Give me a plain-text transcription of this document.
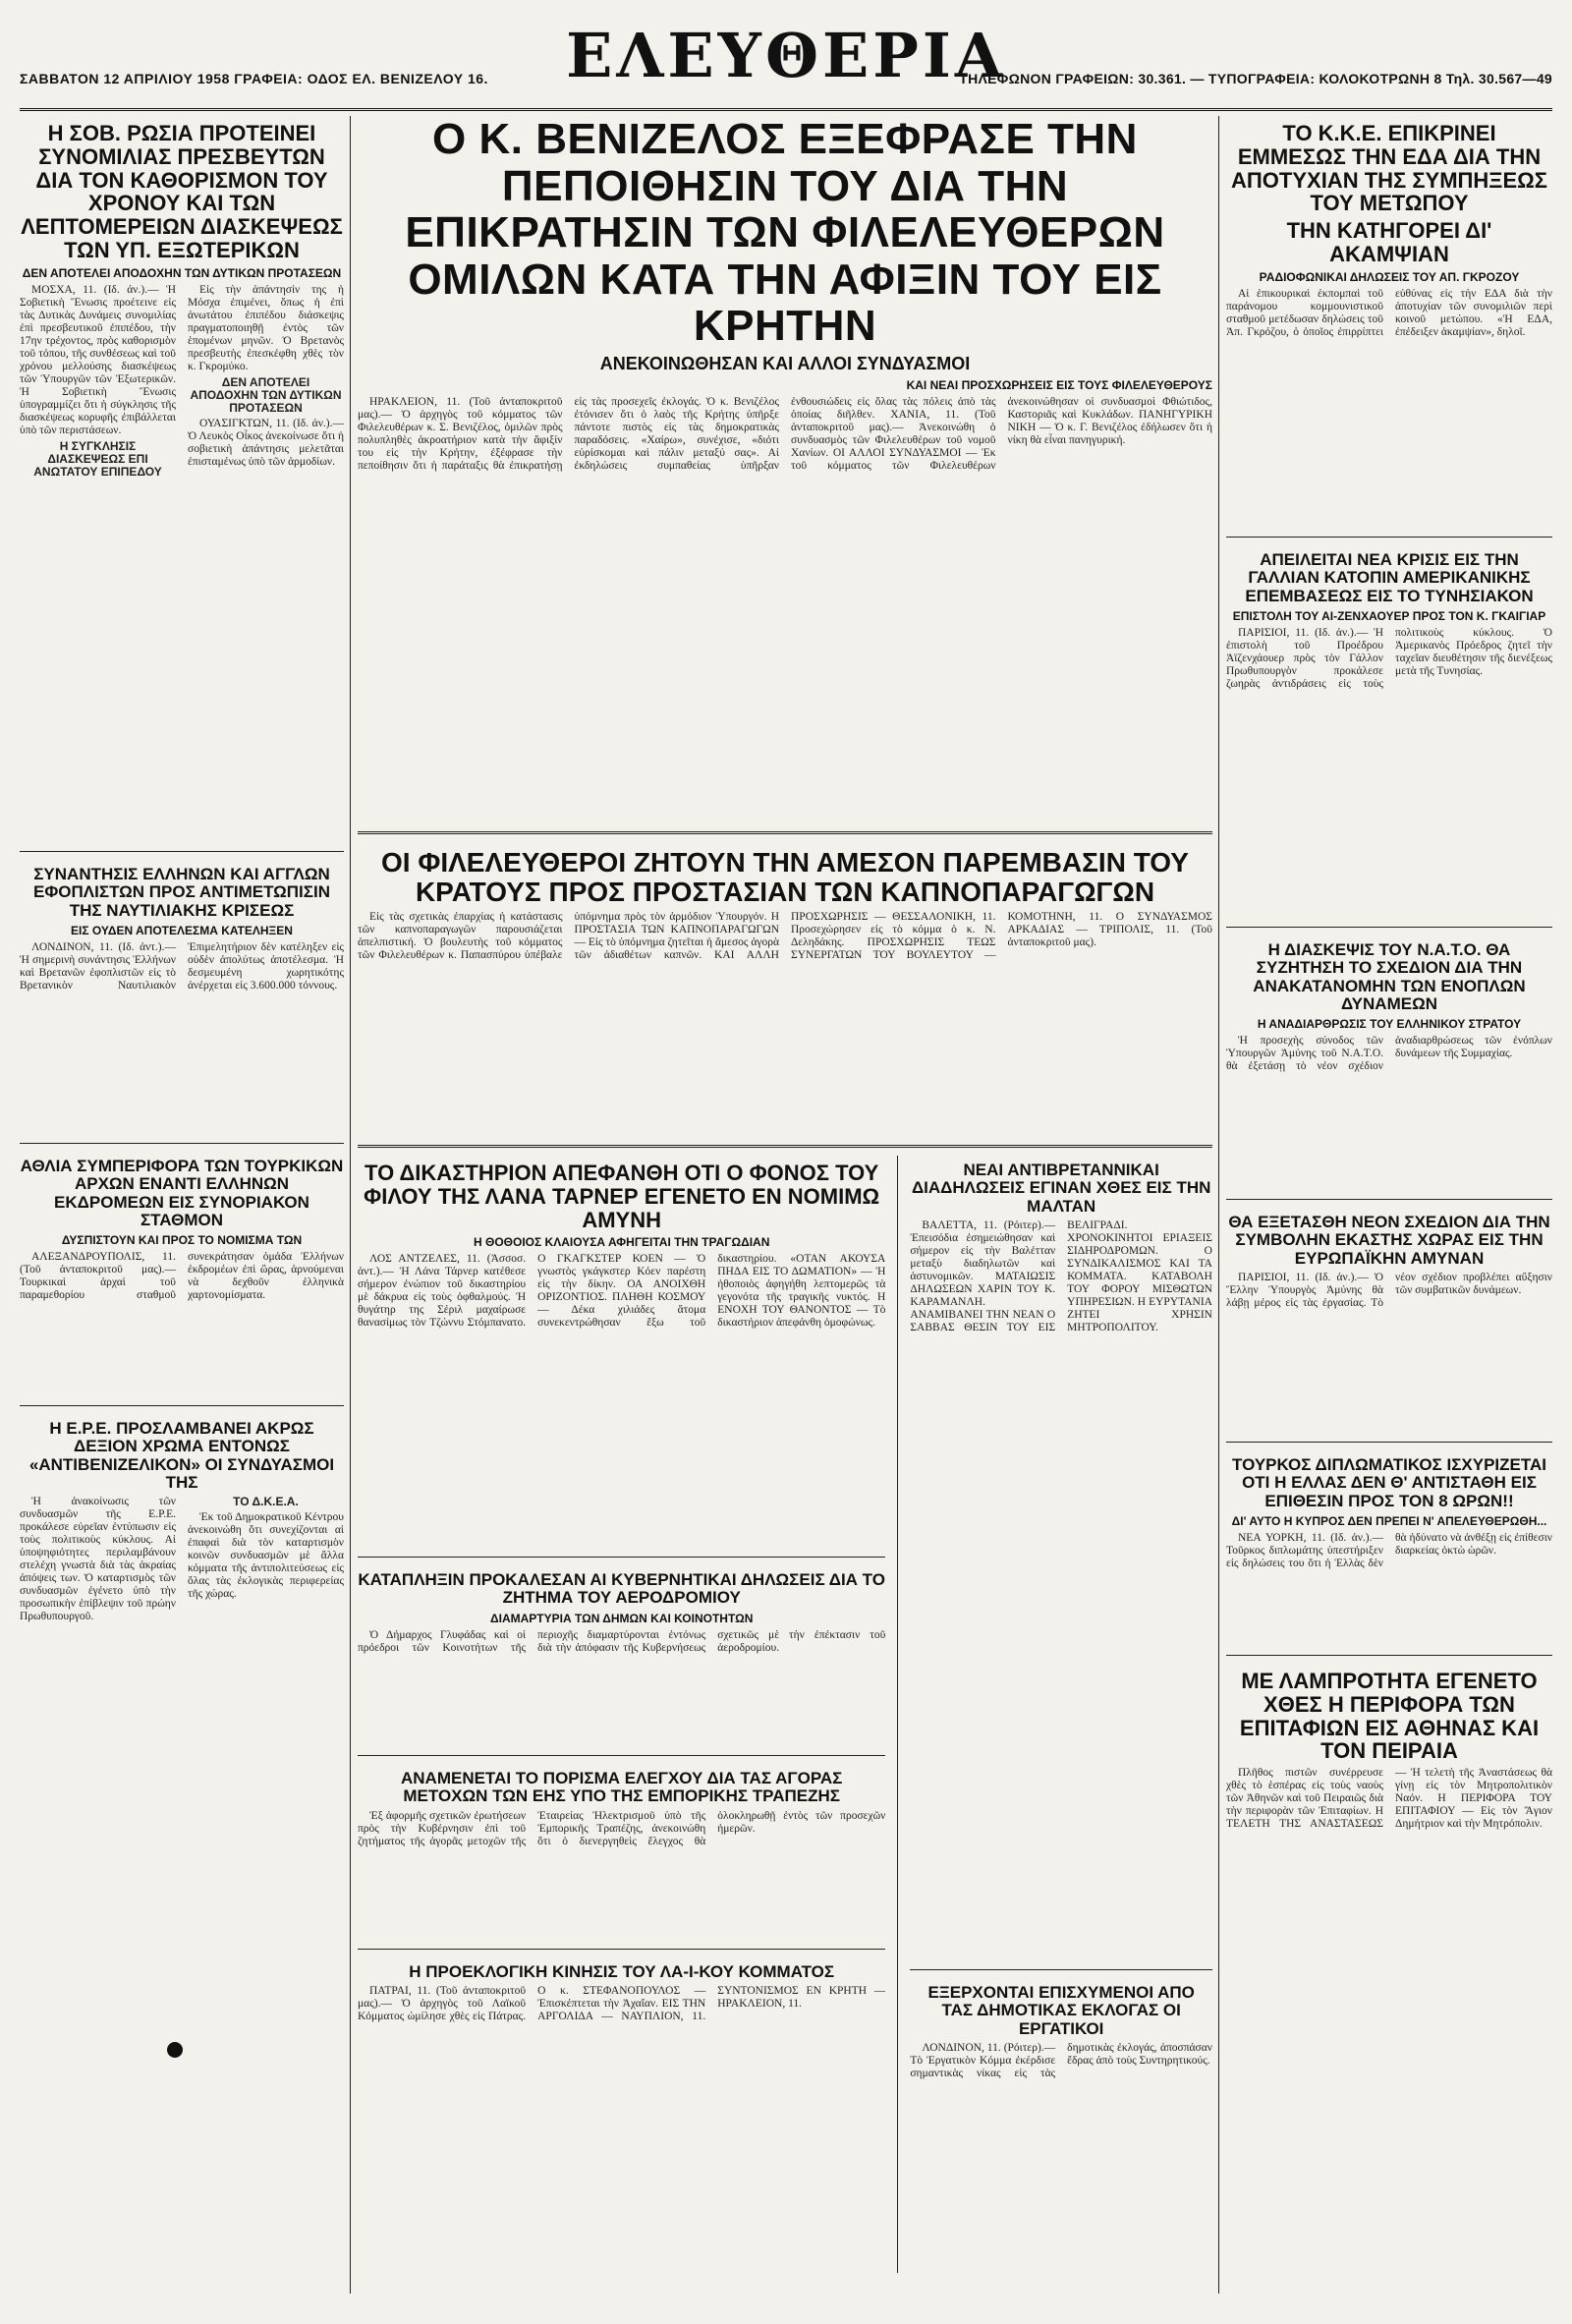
ΣΑΒΒΑΤΟΝ 12 ΑΠΡΙΛΙΟΥ 1958 ΓΡΑΦΕΙΑ: ΟΔΟΣ ΕΛ. ΒΕΝΙΖΕΛΟΥ 16.	ΕΛΕΥΘΕΡΙΑ
ΤΗΛΕΦΩΝΟΝ ΓΡΑΦΕΙΩΝ: 30.361. — ΤΥΠΟΓΡΑΦΕΙΑ: ΚΟΛΟΚΟΤΡΩΝΗ 8 Τηλ. 30.567—49
Η ΣΟΒ. ΡΩΣΙΑ ΠΡΟΤΕΙΝΕΙ ΣΥΝΟΜΙΛΙΑΣ ΠΡΕΣΒΕΥΤΩΝ ΔΙΑ ΤΟΝ ΚΑΘΟΡΙΣΜΟΝ ΤΟΥ ΧΡΟΝΟΥ ΚΑΙ ΤΩΝ ΛΕΠΤΟΜΕΡΕΙΩΝ ΔΙΑΣΚΕΨΕΩΣ ΤΩΝ ΥΠ. ΕΞΩΤΕΡΙΚΩΝ
ΔΕΝ ΑΠΟΤΕΛΕΙ ΑΠΟΔΟΧΗΝ ΤΩΝ ΔΥΤΙΚΩΝ ΠΡΟΤΑΣΕΩΝ

ΜΟΣΧΑ, 11. (Ιδ. άν.).— Ἡ Σοβιετικὴ Ἕνωσις προέτεινε εἰς τὰς Δυτικὰς Δυνάμεις συνομιλίας ἐπὶ πρεσβευτικοῦ ἐπιπέδου, τὴν 17ην τρέχοντος, πρὸς καθορισμὸν τοῦ τόπου, τῆς συνθέσεως καὶ τοῦ χρόνου μελλούσης διασκέψεως τῶν Ὑπουργῶν τῶν Ἐξωτερικῶν. Ἡ Σοβιετικὴ Ἕνωσις ὑπογραμμίζει ὅτι ἡ σύγκλησις τῆς διασκέψεως κορυφῆς ἐπιβάλλεται ὑπὸ τῶν περιστάσεων.

Η ΣΥΓΚΛΗΣΙΣ ΔΙΑΣΚΕΨΕΩΣ ΕΠΙ ΑΝΩΤΑΤΟΥ ΕΠΙΠΕΔΟΥ

Εἰς τὴν ἀπάντησίν της ἡ Μόσχα ἐπιμένει, ὅπως ἡ ἐπὶ ἀνωτάτου ἐπιπέδου διάσκεψις πραγματοποιηθῇ ἐντὸς τῶν ἑπομένων μηνῶν. Ὁ Βρετανὸς πρεσβευτὴς ἐπεσκέφθη χθὲς τὸν κ. Γκρομύκο.

ΔΕΝ ΑΠΟΤΕΛΕΙ ΑΠΟΔΟΧΗΝ ΤΩΝ ΔΥΤΙΚΩΝ ΠΡΟΤΑΣΕΩΝ

ΟΥΑΣΙΓΚΤΩΝ, 11. (Ιδ. άν.).— Ὁ Λευκὸς Οἶκος ἀνεκοίνωσε ὅτι ἡ σοβιετικὴ ἀπάντησις μελετᾶται ἐπισταμένως ὑπὸ τῶν ἁρμοδίων.

ΣΥΝΑΝΤΗΣΙΣ ΕΛΛΗΝΩΝ ΚΑΙ ΑΓΓΛΩΝ ΕΦΟΠΛΙΣΤΩΝ ΠΡΟΣ ΑΝΤΙΜΕΤΩΠΙΣΙΝ ΤΗΣ ΝΑΥΤΙΛΙΑΚΗΣ ΚΡΙΣΕΩΣ
ΕΙΣ ΟΥΔΕΝ ΑΠΟΤΕΛΕΣΜΑ ΚΑΤΕΛΗΞΕΝ

ΛΟΝΔΙΝΟΝ, 11. (Ιδ. ἀντ.).— Ἡ σημερινὴ συνάντησις Ἑλλήνων καὶ Βρετανῶν ἐφοπλιστῶν εἰς τὸ Βρετανικὸν Ναυτιλιακὸν Ἐπιμελητήριον δὲν κατέληξεν εἰς οὐδὲν ἀπολύτως ἀποτέλεσμα. Ἡ δεσμευμένη χωρητικότης ἀνέρχεται εἰς 3.600.000 τόννους.

ΑΘΛΙΑ ΣΥΜΠΕΡΙΦΟΡΑ ΤΩΝ ΤΟΥΡΚΙΚΩΝ ΑΡΧΩΝ ΕΝΑΝΤΙ ΕΛΛΗΝΩΝ ΕΚΔΡΟΜΕΩΝ ΕΙΣ ΣΥΝΟΡΙΑΚΟΝ ΣΤΑΘΜΟΝ
ΔΥΣΠΙΣΤΟΥΝ ΚΑΙ ΠΡΟΣ ΤΟ ΝΟΜΙΣΜΑ ΤΩΝ

ΑΛΕΞΑΝΔΡΟΥΠΟΛΙΣ, 11. (Τοῦ ἀνταποκριτοῦ μας).— Τουρκικαὶ ἀρχαὶ τοῦ παραμεθορίου σταθμοῦ συνεκράτησαν ὁμάδα Ἑλλήνων ἐκδρομέων ἐπὶ ὥρας, ἀρνούμεναι νὰ δεχθοῦν ἑλληνικὰ χαρτονομίσματα.

Η Ε.Ρ.Ε. ΠΡΟΣΛΑΜΒΑΝΕΙ ΑΚΡΩΣ ΔΕΞΙΟΝ ΧΡΩΜΑ ΕΝΤΟΝΩΣ «ΑΝΤΙΒΕΝΙΖΕΛΙΚΟΝ» ΟΙ ΣΥΝΔΥΑΣΜΟΙ ΤΗΣ

Ἡ ἀνακοίνωσις τῶν συνδυασμῶν τῆς Ε.Ρ.Ε. προκάλεσε εὐρεῖαν ἐντύπωσιν εἰς τοὺς πολιτικοὺς κύκλους. Αἱ ὑποψηφιότητες περιλαμβάνουν στελέχη γνωστὰ διὰ τὰς ἀκραίας ἀπόψεις των. Ὁ καταρτισμὸς τῶν συνδυασμῶν ἐγένετο ὑπὸ τὴν προσωπικὴν ἐπίβλεψιν τοῦ πρώην Πρωθυπουργοῦ.

ΤΟ Δ.Κ.Ε.Α.

Ἐκ τοῦ Δημοκρατικοῦ Κέντρου ἀνεκοινώθη ὅτι συνεχίζονται αἱ ἐπαφαὶ διὰ τὸν καταρτισμὸν κοινῶν συνδυασμῶν μὲ ἄλλα κόμματα τῆς ἀντιπολιτεύσεως εἰς ὅλας τὰς ἐκλογικὰς περιφερείας τῆς χώρας.

Ο Κ. ΒΕΝΙΖΕΛΟΣ ΕΞΕΦΡΑΣΕ ΤΗΝ ΠΕΠΟΙΘΗΣΙΝ ΤΟΥ ΔΙΑ ΤΗΝ ΕΠΙΚΡΑΤΗΣΙΝ ΤΩΝ ΦΙΛΕΛΕΥΘΕΡΩΝ ΟΜΙΛΩΝ ΚΑΤΑ ΤΗΝ ΑΦΙΞΙΝ ΤΟΥ ΕΙΣ ΚΡΗΤΗΝ
ΑΝΕΚΟΙΝΩΘΗΣΑΝ ΚΑΙ ΑΛΛΟΙ ΣΥΝΔΥΑΣΜΟΙ
ΚΑΙ ΝΕΑΙ ΠΡΟΣΧΩΡΗΣΕΙΣ ΕΙΣ ΤΟΥΣ ΦΙΛΕΛΕΥΘΕΡΟΥΣ

ΗΡΑΚΛΕΙΟΝ, 11. (Τοῦ ἀνταποκριτοῦ μας).— Ὁ ἀρχηγὸς τοῦ κόμματος τῶν Φιλελευθέρων κ. Σ. Βενιζέλος, ὁμιλῶν πρὸς πολυπληθὲς ἀκροατήριον κατὰ τὴν ἄφιξίν του εἰς τὴν Κρήτην, ἐξέφρασε τὴν πεποίθησιν ὅτι ἡ παράταξις θὰ ἐπικρατήσῃ εἰς τὰς προσεχεῖς ἐκλογάς. Ὁ κ. Βενιζέλος ἐτόνισεν ὅτι ὁ λαὸς τῆς Κρήτης ὑπῆρξε πάντοτε πιστὸς εἰς τὰς δημοκρατικὰς παραδόσεις. «Χαίρω», συνέχισε, «διότι εὑρίσκομαι καὶ πάλιν μεταξύ σας». Αἱ ἐκδηλώσεις συμπαθείας ὑπῆρξαν ἐνθουσιώδεις εἰς ὅλας τὰς πόλεις ἀπὸ τὰς ὁποίας διῆλθεν. ΧΑΝΙΑ, 11. (Τοῦ ἀνταποκριτοῦ μας).— Ἀνεκοινώθη ὁ συνδυασμὸς τῶν Φιλελευθέρων τοῦ νομοῦ Χανίων. ΟΙ ΑΛΛΟΙ ΣΥΝΔΥΑΣΜΟΙ — Ἐκ τοῦ κόμματος τῶν Φιλελευθέρων ἀνεκοινώθησαν οἱ συνδυασμοὶ Φθιώτιδος, Καστοριᾶς καὶ Κυκλάδων. ΠΑΝΗΓΥΡΙΚΗ ΝΙΚΗ — Ὁ κ. Γ. Βενιζέλος ἐδήλωσεν ὅτι ἡ νίκη θὰ εἶναι πανηγυρική.

ΟΙ ΦΙΛΕΛΕΥΘΕΡΟΙ ΖΗΤΟΥΝ ΤΗΝ ΑΜΕΣΟΝ ΠΑΡΕΜΒΑΣΙΝ ΤΟΥ ΚΡΑΤΟΥΣ ΠΡΟΣ ΠΡΟΣΤΑΣΙΑΝ ΤΩΝ ΚΑΠΝΟΠΑΡΑΓΩΓΩΝ

Εἰς τὰς σχετικὰς ἐπαρχίας ἡ κατάστασις τῶν καπνοπαραγωγῶν παρουσιάζεται ἀπελπιστική. Ὁ βουλευτὴς τοῦ κόμματος τῶν Φιλελευθέρων κ. Παπασπύρου ὑπέβαλε ὑπόμνημα πρὸς τὸν ἁρμόδιον Ὑπουργόν. Η ΠΡΟΣΤΑΣΙΑ ΤΩΝ ΚΑΠΝΟΠΑΡΑΓΩΓΩΝ — Εἰς τὸ ὑπόμνημα ζητεῖται ἡ ἄμεσος ἀγορὰ τῶν ἀδιαθέτων καπνῶν. ΚΑΙ ΑΛΛΗ ΠΡΟΣΧΩΡΗΣΙΣ — ΘΕΣΣΑΛΟΝΙΚΗ, 11. Προσεχώρησεν εἰς τὸ κόμμα ὁ κ. Ν. Δεληδάκης. ΠΡΟΣΧΩΡΗΣΙΣ ΤΕΩΣ ΣΥΝΕΡΓΑΤΩΝ ΤΟΥ ΒΟΥΛΕΥΤΟΥ — ΚΟΜΟΤΗΝΗ, 11. Ο ΣΥΝΔΥΑΣΜΟΣ ΑΡΚΑΔΙΑΣ — ΤΡΙΠΟΛΙΣ, 11. (Τοῦ ἀνταποκριτοῦ μας).

ΤΟ ΔΙΚΑΣΤΗΡΙΟΝ ΑΠΕΦΑΝΘΗ ΟΤΙ Ο ΦΟΝΟΣ ΤΟΥ ΦΙΛΟΥ ΤΗΣ ΛΑΝΑ ΤΑΡΝΕΡ ΕΓΕΝΕΤΟ ΕΝ ΝΟΜΙΜΩ ΑΜΥΝΗ
Η ΘΟΘΟΙΟΣ ΚΛΑΙΟΥΣΑ ΑΦΗΓΕΙΤΑΙ ΤΗΝ ΤΡΑΓΩΔΙΑΝ

ΛΟΣ ΑΝΤΖΕΛΕΣ, 11. (Ἀσσοσ. ἀντ.).— Ἡ Λάνα Τάρνερ κατέθεσε σήμερον ἐνώπιον τοῦ δικαστηρίου μὲ δάκρυα εἰς τοὺς ὀφθαλμούς. Ἡ θυγάτηρ της Σέριλ μαχαίρωσε θανασίμως τὸν Τζώννυ Στόμπανατο. Ο ΓΚΑΓΚΣΤΕΡ ΚΟΕΝ — Ὁ γνωστὸς γκάγκστερ Κόεν παρέστη εἰς τὴν δίκην. ΟΑ ΑΝΟΙΧΘΗ ΟΡΙΖΟΝΤΙΟΣ. ΠΛΗΘΗ ΚΟΣΜΟΥ — Δέκα χιλιάδες ἄτομα συνεκεντρώθησαν ἔξω τοῦ δικαστηρίου. «ΟΤΑΝ ΑΚΟΥΣΑ ΠΗΔΑ ΕΙΣ ΤΟ ΔΩΜΑΤΙΟΝ» — Ἡ ἠθοποιὸς ἀφηγήθη λεπτομερῶς τὰ γεγονότα τῆς τραγικῆς νυκτός. Η ΕΝΟΧΗ ΤΟΥ ΘΑΝΟΝΤΟΣ — Τὸ δικαστήριον ἀπεφάνθη ὁμοφώνως.

ΚΑΤΑΠΛΗΞΙΝ ΠΡΟΚΑΛΕΣΑΝ ΑΙ ΚΥΒΕΡΝΗΤΙΚΑΙ ΔΗΛΩΣΕΙΣ ΔΙΑ ΤΟ ΖΗΤΗΜΑ ΤΟΥ ΑΕΡΟΔΡΟΜΙΟΥ
ΔΙΑΜΑΡΤΥΡΙΑ ΤΩΝ ΔΗΜΩΝ ΚΑΙ ΚΟΙΝΟΤΗΤΩΝ

Ὁ Δήμαρχος Γλυφάδας καὶ οἱ πρόεδροι τῶν Κοινοτήτων τῆς περιοχῆς διαμαρτύρονται ἐντόνως διὰ τὴν ἀπόφασιν τῆς Κυβερνήσεως σχετικῶς μὲ τὴν ἐπέκτασιν τοῦ ἀεροδρομίου.

ΑΝΑΜΕΝΕΤΑΙ ΤΟ ΠΟΡΙΣΜΑ ΕΛΕΓΧΟΥ ΔΙΑ ΤΑΣ ΑΓΟΡΑΣ ΜΕΤΟΧΩΝ ΤΩΝ ΕΗΣ ΥΠΟ ΤΗΣ ΕΜΠΟΡΙΚΗΣ ΤΡΑΠΕΖΗΣ

Ἐξ ἀφορμῆς σχετικῶν ἐρωτήσεων πρὸς τὴν Κυβέρνησιν ἐπὶ τοῦ ζητήματος τῆς ἀγορᾶς μετοχῶν τῆς Ἐταιρείας Ἠλεκτρισμοῦ ὑπὸ τῆς Ἐμπορικῆς Τραπέζης, ἀνεκοινώθη ὅτι ὁ διενεργηθεὶς ἔλεγχος θὰ ὁλοκληρωθῇ ἐντὸς τῶν προσεχῶν ἡμερῶν.

Η ΠΡΟΕΚΛΟΓΙΚΗ ΚΙΝΗΣΙΣ ΤΟΥ ΛΑ-Ι-ΚΟΥ ΚΟΜΜΑΤΟΣ

ΠΑΤΡΑΙ, 11. (Τοῦ ἀνταποκριτοῦ μας).— Ὁ ἀρχηγὸς τοῦ Λαϊκοῦ Κόμματος ὡμίλησε χθὲς εἰς Πάτρας. Ο κ. ΣΤΕΦΑΝΟΠΟΥΛΟΣ — Ἐπισκέπτεται τὴν Ἀχαΐαν. ΕΙΣ ΤΗΝ ΑΡΓΟΛΙΔΑ — ΝΑΥΠΛΙΟΝ, 11. ΣΥΝΤΟΝΙΣΜΟΣ ΕΝ ΚΡΗΤΗ — ΗΡΑΚΛΕΙΟΝ, 11.

ΝΕΑΙ ΑΝΤΙΒΡΕΤΑΝΝΙΚΑΙ ΔΙΑΔΗΛΩΣΕΙΣ ΕΓΙΝΑΝ ΧΘΕΣ ΕΙΣ ΤΗΝ ΜΑΛΤΑΝ

ΒΑΛΕΤΤΑ, 11. (Ρόιτερ).— Ἐπεισόδια ἐσημειώθησαν καὶ σήμερον εἰς τὴν Βαλέτταν μεταξὺ διαδηλωτῶν καὶ ἀστυνομικῶν. ΜΑΤΑΙΩΣΙΣ ΔΗΛΩΣΕΩΝ ΧΑΡΙΝ ΤΟΥ Κ. ΚΑΡΑΜΑΝΛΗ. ΑΝΑΜΙΒΑΝΕΙ ΤΗΝ ΝΕΑΝ Ο ΣΑΒΒΑΣ ΘΕΣΙΝ ΤΟΥ ΕΙΣ ΒΕΛΙΓΡΑΔΙ. ΧΡΟΝΟΚΙΝΗΤΟΙ ΕΡΙΑΞΕΙΣ ΣΙΔΗΡΟΔΡΟΜΩΝ. Ο ΣΥΝΔΙΚΑΛΙΣΜΟΣ ΚΑΙ ΤΑ ΚΟΜΜΑΤΑ. ΚΑΤΑΒΟΛΗ ΤΟΥ ΦΟΡΟΥ ΜΙΣΘΩΤΩΝ ΥΠΗΡΕΣΙΩΝ. Η ΕΥΡΥΤΑΝΙΑ ΖΗΤΕΙ ΧΡΗΣΙΝ ΜΗΤΡΟΠΟΛΙΤΟΥ.

ΕΞΕΡΧΟΝΤΑΙ ΕΠΙΣΧΥΜΕΝΟΙ ΑΠΟ ΤΑΣ ΔΗΜΟΤΙΚΑΣ ΕΚΛΟΓΑΣ ΟΙ ΕΡΓΑΤΙΚΟΙ

ΛΟΝΔΙΝΟΝ, 11. (Ρόιτερ).— Τὸ Ἐργατικὸν Κόμμα ἐκέρδισε σημαντικὰς νίκας εἰς τὰς δημοτικὰς ἐκλογάς, ἀποσπάσαν ἕδρας ἀπὸ τοὺς Συντηρητικούς.

ΤΟ Κ.Κ.Ε. ΕΠΙΚΡΙΝΕΙ ΕΜΜΕΣΩΣ ΤΗΝ ΕΔΑ ΔΙΑ ΤΗΝ ΑΠΟΤΥΧΙΑΝ ΤΗΣ ΣΥΜΠΗΞΕΩΣ ΤΟΥ ΜΕΤΩΠΟΥ
ΤΗΝ ΚΑΤΗΓΟΡΕΙ ΔΙ' ΑΚΑΜΨΙΑΝ
ΡΑΔΙΟΦΩΝΙΚΑΙ ΔΗΛΩΣΕΙΣ ΤΟΥ ΑΠ. ΓΚΡΟΖΟΥ

Αἱ ἐπικουρικαὶ ἐκπομπαὶ τοῦ παράνομου κομμουνιστικοῦ σταθμοῦ μετέδωσαν δηλώσεις τοῦ Ἀπ. Γκρόζου, ὁ ὁποῖος ἐπιρρίπτει εὐθύνας εἰς τὴν ΕΔΑ διὰ τὴν ἀποτυχίαν τῶν συνομιλιῶν περὶ κοινοῦ μετώπου. «Ἡ ΕΔΑ, ἐπέδειξεν ἀκαμψίαν», δηλοῖ.

ΑΠΕΙΛΕΙΤΑΙ ΝΕΑ ΚΡΙΣΙΣ ΕΙΣ ΤΗΝ ΓΑΛΛΙΑΝ ΚΑΤΟΠΙΝ ΑΜΕΡΙΚΑΝΙΚΗΣ ΕΠΕΜΒΑΣΕΩΣ ΕΙΣ ΤΟ ΤΥΝΗΣΙΑΚΟΝ
ΕΠΙΣΤΟΛΗ ΤΟΥ ΑΙ-ΖΕΝΧΑΟΥΕΡ ΠΡΟΣ ΤΟΝ Κ. ΓΚΑΙΓΙΑΡ

ΠΑΡΙΣΙΟΙ, 11. (Ιδ. ἀν.).— Ἡ ἐπιστολὴ τοῦ Προέδρου Ἀϊζενχάουερ πρὸς τὸν Γάλλον Πρωθυπουργὸν προκάλεσε ζωηρὰς ἀντιδράσεις εἰς τοὺς πολιτικοὺς κύκλους. Ὁ Ἀμερικανὸς Πρόεδρος ζητεῖ τὴν ταχεῖαν διευθέτησιν τῆς διενέξεως μετὰ τῆς Τυνησίας.

Η ΔΙΑΣΚΕΨΙΣ ΤΟΥ Ν.Α.Τ.Ο. ΘΑ ΣΥΖΗΤΗΣΗ ΤΟ ΣΧΕΔΙΟΝ ΔΙΑ ΤΗΝ ΑΝΑΚΑΤΑΝΟΜΗΝ ΤΩΝ ΕΝΟΠΛΩΝ ΔΥΝΑΜΕΩΝ
Η ΑΝΑΔΙΑΡΘΡΩΣΙΣ ΤΟΥ ΕΛΛΗΝΙΚΟΥ ΣΤΡΑΤΟΥ

Ἡ προσεχὴς σύνοδος τῶν Ὑπουργῶν Ἀμύνης τοῦ Ν.Α.Τ.Ο. θὰ ἐξετάσῃ τὸ νέον σχέδιον ἀναδιαρθρώσεως τῶν ἐνόπλων δυνάμεων τῆς Συμμαχίας.

ΘΑ ΕΞΕΤΑΣΘΗ ΝΕΟΝ ΣΧΕΔΙΟΝ ΔΙΑ ΤΗΝ ΣΥΜΒΟΛΗΝ ΕΚΑΣΤΗΣ ΧΩΡΑΣ ΕΙΣ ΤΗΝ ΕΥΡΩΠΑΪΚΗΝ ΑΜΥΝΑΝ

ΠΑΡΙΣΙΟΙ, 11. (Ιδ. ἀν.).— Ὁ Ἕλλην Ὑπουργὸς Ἀμύνης θὰ λάβῃ μέρος εἰς τὰς ἐργασίας. Τὸ νέον σχέδιον προβλέπει αὔξησιν τῶν συμβατικῶν δυνάμεων.

ΤΟΥΡΚΟΣ ΔΙΠΛΩΜΑΤΙΚΟΣ ΙΣΧΥΡΙΖΕΤΑΙ ΟΤΙ Η ΕΛΛΑΣ ΔΕΝ Θ' ΑΝΤΙΣΤΑΘΗ ΕΙΣ ΕΠΙΘΕΣΙΝ ΠΡΟΣ ΤΟΝ 8 ΩΡΩΝ!!
ΔΙ' ΑΥΤΟ Η ΚΥΠΡΟΣ ΔΕΝ ΠΡΕΠΕΙ Ν' ΑΠΕΛΕΥΘΕΡΩΘΗ...

ΝΕΑ ΥΟΡΚΗ, 11. (Ιδ. ἀν.).— Τοῦρκος διπλωμάτης ὑπεστήριξεν εἰς δηλώσεις του ὅτι ἡ Ἑλλὰς δὲν θὰ ἠδύνατο νὰ ἀνθέξῃ εἰς ἐπίθεσιν διαρκείας ὀκτὼ ὡρῶν.

ΜΕ ΛΑΜΠΡΟΤΗΤΑ ΕΓΕΝΕΤΟ ΧΘΕΣ Η ΠΕΡΙΦΟΡΑ ΤΩΝ ΕΠΙΤΑΦΙΩΝ ΕΙΣ ΑΘΗΝΑΣ ΚΑΙ ΤΟΝ ΠΕΙΡΑΙΑ

Πλῆθος πιστῶν συνέρρευσε χθὲς τὸ ἑσπέρας εἰς τοὺς ναοὺς τῶν Ἀθηνῶν καὶ τοῦ Πειραιῶς διὰ τὴν περιφορὰν τῶν Ἐπιταφίων. Η ΤΕΛΕΤΗ ΤΗΣ ΑΝΑΣΤΑΣΕΩΣ — Ἡ τελετὴ τῆς Ἀναστάσεως θὰ γίνῃ εἰς τὸν Μητροπολιτικὸν Ναόν. Η ΠΕΡΙΦΟΡΑ ΤΟΥ ΕΠΙΤΑΦΙΟΥ — Εἰς τὸν Ἅγιον Δημήτριον καὶ τὴν Μητρόπολιν.
